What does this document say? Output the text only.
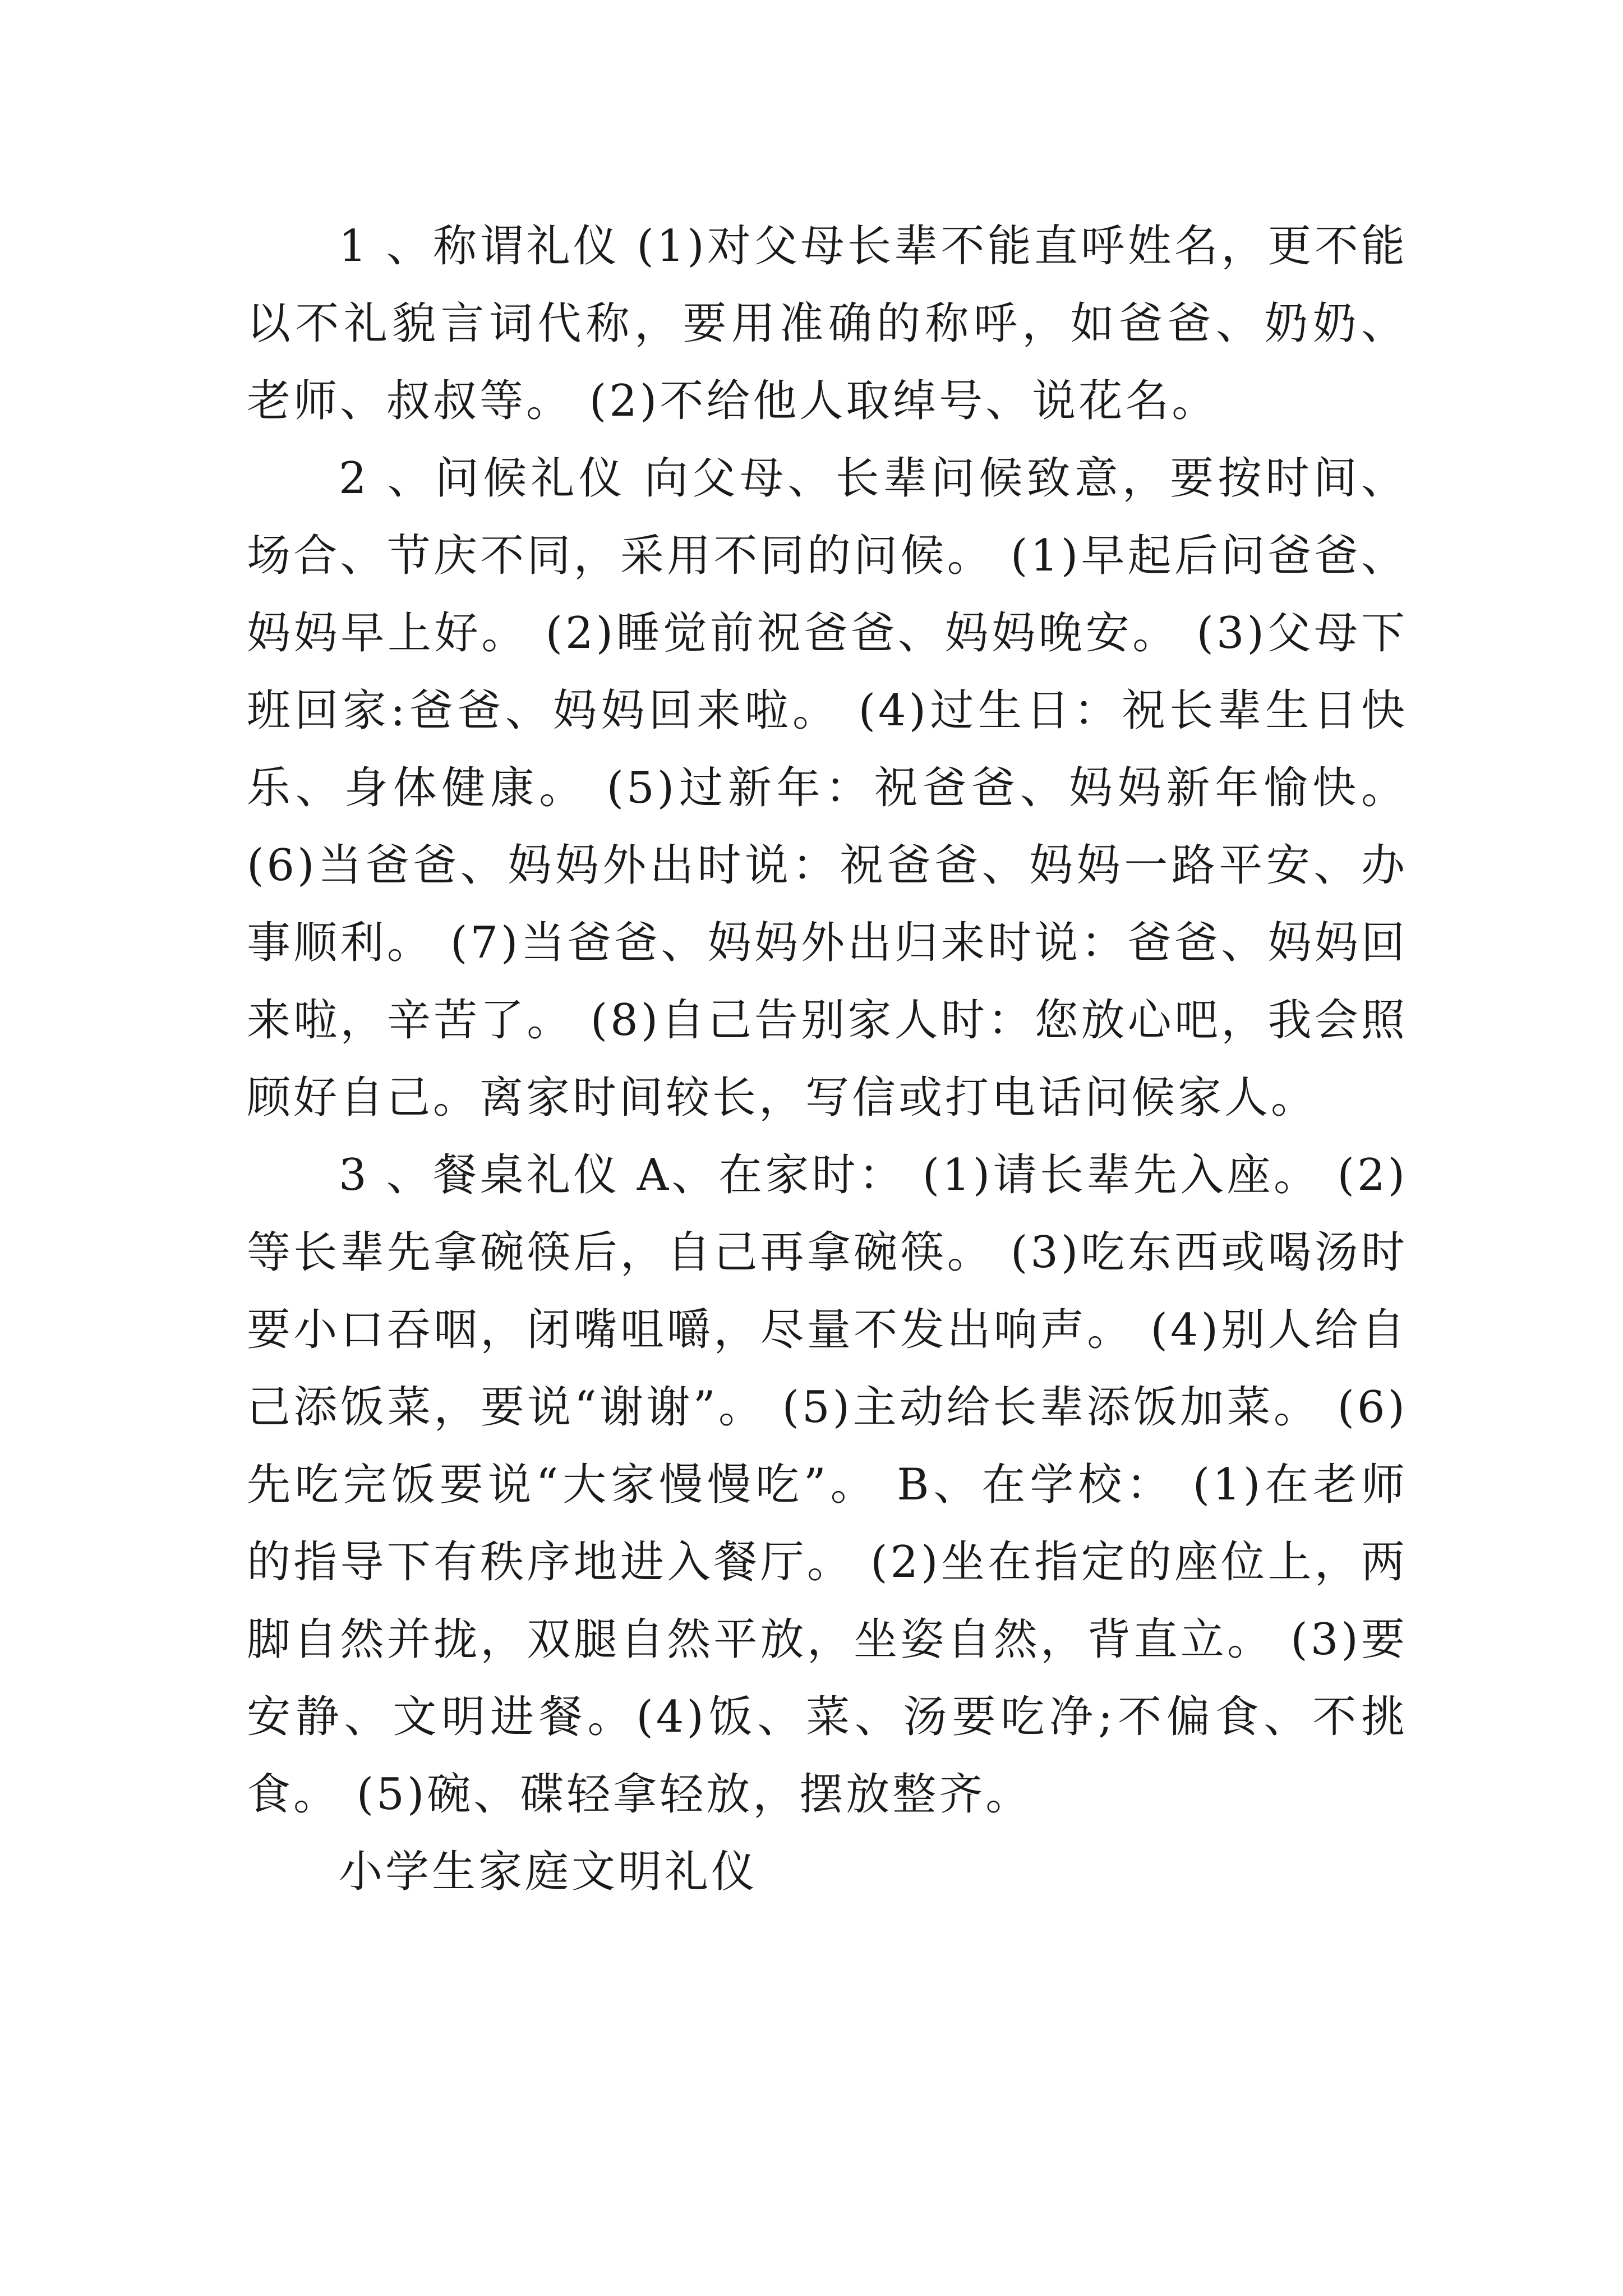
1 、称谓礼仪 (1)对父母长辈不能直呼姓名，更不能以不礼貌言词代称，要用准确的称呼，如爸爸、奶奶、老师、叔叔等。 (2)不给他人取绰号、说花名。

2 、问候礼仪 向父母、长辈问候致意，要按时间、场合、节庆不同，采用不同的问候。 (1)早起后问爸爸、妈妈早上好。 (2)睡觉前祝爸爸、妈妈晚安。 (3)父母下班回家:爸爸、妈妈回来啦。 (4)过生日：祝长辈生日快乐、身体健康。 (5)过新年：祝爸爸、妈妈新年愉快。 (6)当爸爸、妈妈外出时说：祝爸爸、妈妈一路平安、办事顺利。 (7)当爸爸、妈妈外出归来时说：爸爸、妈妈回来啦，辛苦了。 (8)自己告别家人时：您放心吧，我会照顾好自己。离家时间较长，写信或打电话问候家人。

3 、餐桌礼仪 A、在家时： (1)请长辈先入座。 (2)等长辈先拿碗筷后，自己再拿碗筷。 (3)吃东西或喝汤时要小口吞咽，闭嘴咀嚼，尽量不发出响声。 (4)别人给自己添饭菜，要说“谢谢”。 (5)主动给长辈添饭加菜。 (6)先吃完饭要说“大家慢慢吃”。 B、在学校： (1)在老师的指导下有秩序地进入餐厅。 (2)坐在指定的座位上，两脚自然并拢，双腿自然平放，坐姿自然，背直立。 (3)要安静、文明进餐。(4)饭、菜、汤要吃净;不偏食、不挑食。 (5)碗、碟轻拿轻放，摆放整齐。

小学生家庭文明礼仪
